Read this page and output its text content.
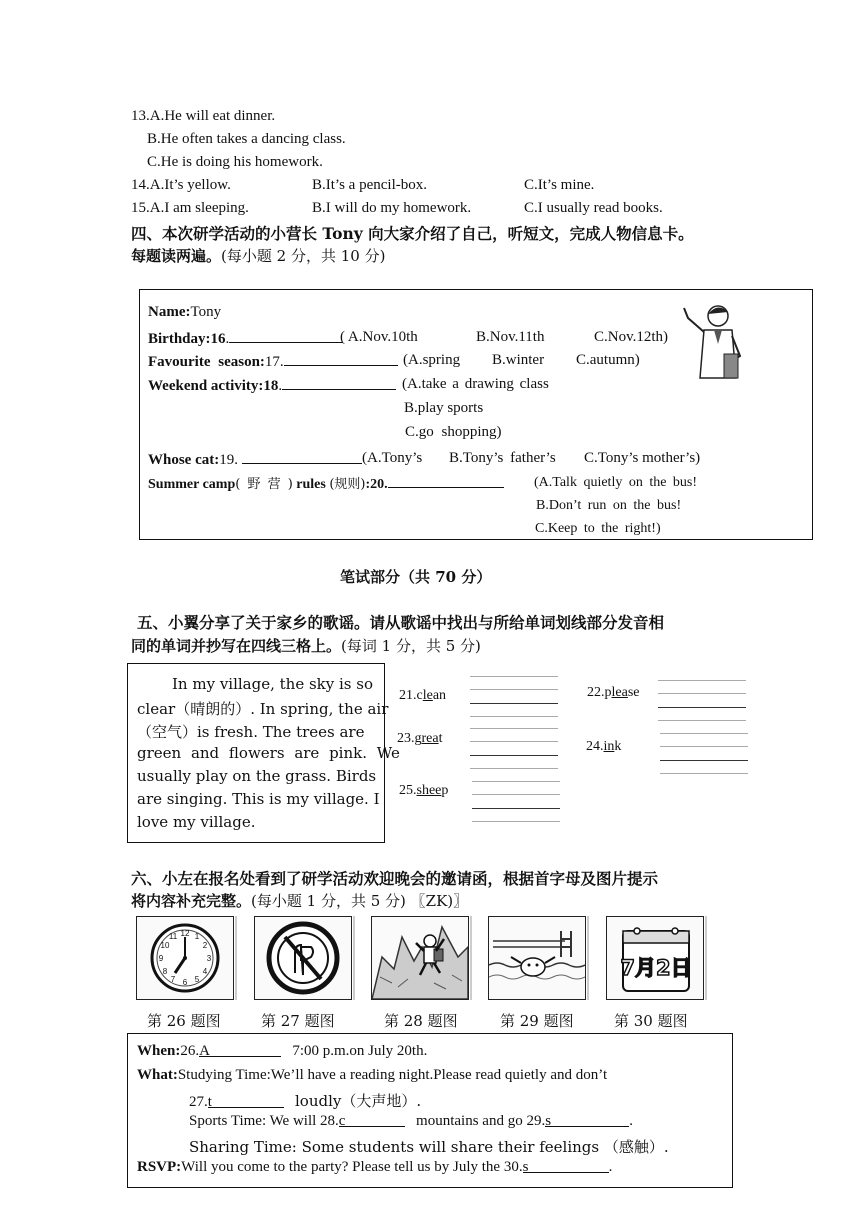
13.A.He will eat dinner.
B.He often takes a dancing class.
C.He is doing his homework.
14.A.It’s yellow.	B.It’s a pencil-box.	C.It’s mine.
15.A.I am sleeping.	B.I will do my homework.	C.I usually read books.
四、本次研学活动的小营长 Tony 向大家介绍了自己，听短文，完成人物信息卡。
每题读两遍。(每小题 2 分，共 10 分)
Name:Tony
Birthday:16.	( A.Nov.10th	B.Nov.11th	C.Nov.12th)
Favourite season:17.	(A.spring B.winter C.autumn)
Weekend activity:18.	(A.take a drawing class
B.play sports
C.go shopping)
Whose cat:19.	(A.Tony’s B.Tony’s father’s C.Tony’s mother’s)
Summer camp( 野 营 ) rules (规则):20.	(A.Talk quietly on the bus!
B.Don’t run on the bus!
C.Keep to the right!)
笔试部分（共 70 分）
五、小翼分享了关于家乡的歌谣。请从歌谣中找出与所给单词划线部分发音相
同的单词并抄写在四线三格上。(每词 1 分，共 5 分)
In my village, the sky is so
clear（晴朗的）. In spring, the air
（空气）is fresh. The trees are
green and flowers are pink. We
usually play on the grass. Birds
are singing. This is my village. I
love my village.
21.clean	22.please
23.great
24.ink
25.sheep
六、小左在报名处看到了研学活动欢迎晚会的邀请函，根据首字母及图片提示
将内容补充完整。(每小题 1 分，共 5 分) 〖ZK)〗
12
3
6
9
1
2
4
5
7
8
10
11
7月2日
第 26 题图	第 27 题图	第 28 题图	第 29 题图	第 30 题图
When:26.A	7:00 p.m.on July 20th.
What:Studying Time:We’ll have a reading night.Please read quietly and don’t
27.t	loudly（大声地）.
Sports Time: We will 28.c	mountains and go 29.s	.
Sharing Time: Some students will share their feelings （感触）.
RSVP:Will you come to the party? Please tell us by July the 30.s	.
